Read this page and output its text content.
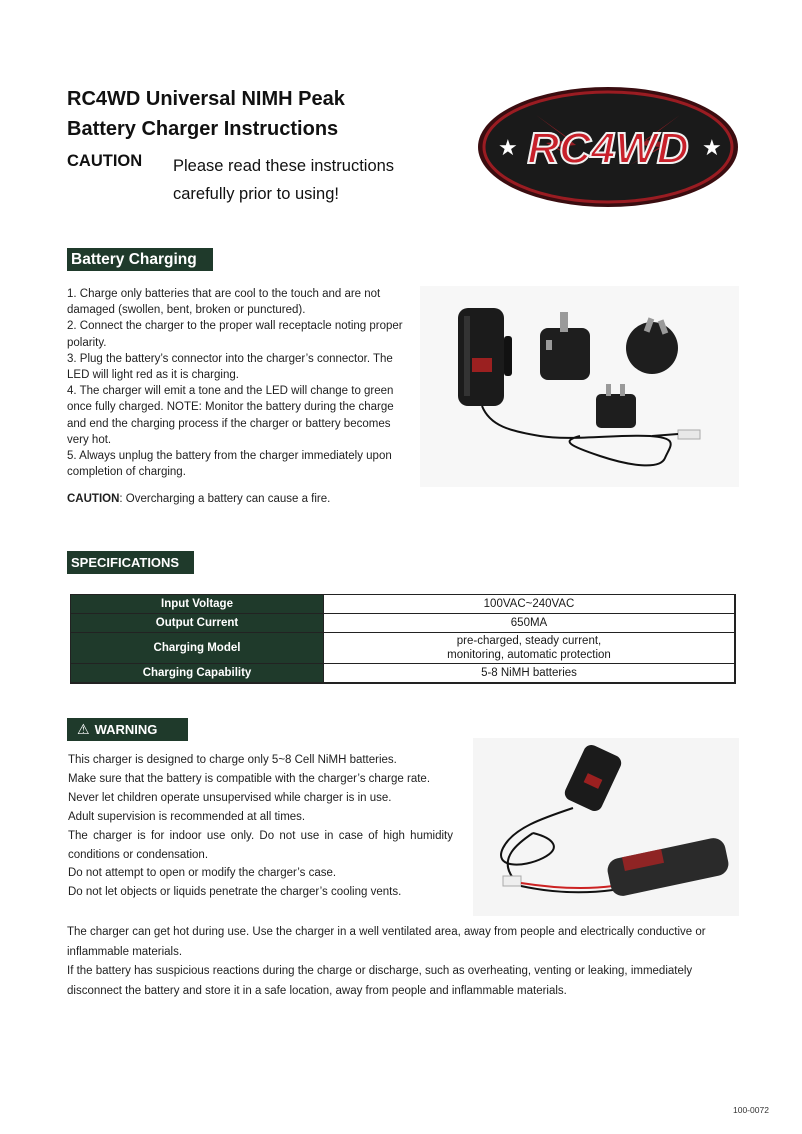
RC4WD Universal NIMH Peak
Battery Charger Instructions
CAUTION Please read these instructions
carefully prior to using!
★	★
RC4WD
Battery Charging

1. Charge only batteries that are cool to the touch and are not damaged (swollen, bent, broken or punctured).

2. Connect the charger to the proper wall receptacle noting proper polarity.

3. Plug the battery’s connector into the charger’s connector. The LED will light red as it is charging.

4. The charger will emit a tone and the LED will change to green once fully charged. NOTE: Monitor the battery during the charge and end the charging process if the charger or battery becomes very hot.

5. Always unplug the battery from the charger immediately upon completion of charging.

CAUTION: Overcharging a battery can cause a fire.
SPECIFICATIONS
Input Voltage	100VAC~240VAC
Output Current	650MA
Charging Model	pre-charged, steady current,
monitoring, automatic protection

Charging Capability	5-8 NiMH batteries
⚠ WARNING

This charger is designed to charge only 5~8 Cell NiMH batteries.

Make sure that the battery is compatible with the charger’s charge rate.

Never let children operate unsupervised while charger is in use.

Adult supervision is recommended at all times.

The charger is for indoor use only. Do not use in case of high humidity conditions or condensation.

Do not attempt to open or modify the charger’s case.

Do not let objects or liquids penetrate the charger’s cooling vents.

The charger can get hot during use. Use the charger in a well ventilated area, away from people and electrically conductive or inflammable materials.

If the battery has suspicious reactions during the charge or discharge, such as overheating, venting or leaking, immediately disconnect the battery and store it in a safe location, away from people and inflammable materials.

100-0072
